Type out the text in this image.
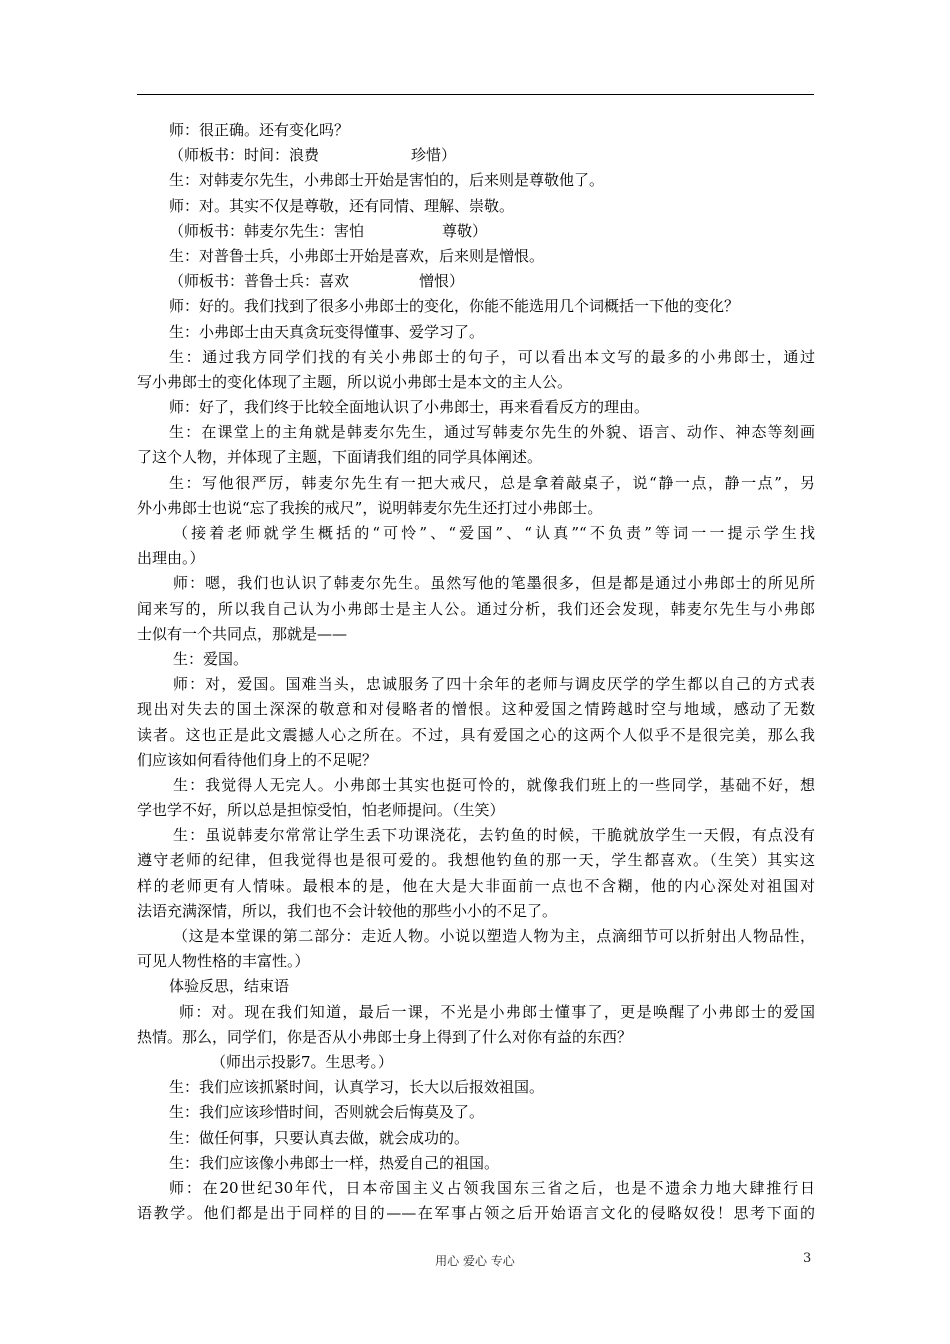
师：很正确。还有变化吗？
（师板书：时间：浪费	珍惜）
生：对韩麦尔先生，小弗郎士开始是害怕的，后来则是尊敬他了。
师：对。其实不仅是尊敬，还有同情、理解、崇敬。
（师板书：韩麦尔先生：害怕	尊敬）
生：对普鲁士兵，小弗郎士开始是喜欢，后来则是憎恨。
（师板书：普鲁士兵：喜欢	憎恨）
师：好的。我们找到了很多小弗郎士的变化，你能不能选用几个词概括一下他的变化？
生：小弗郎士由天真贪玩变得懂事、爱学习了。
生：通过我方同学们找的有关小弗郎士的句子，可以看出本文写的最多的小弗郎士，通过
写小弗郎士的变化体现了主题，所以说小弗郎士是本文的主人公。
师：好了，我们终于比较全面地认识了小弗郎士，再来看看反方的理由。
生：在课堂上的主角就是韩麦尔先生，通过写韩麦尔先生的外貌、语言、动作、神态等刻画
了这个人物，并体现了主题，下面请我们组的同学具体阐述。
生：写他很严厉，韩麦尔先生有一把大戒尺，总是拿着敲桌子，说“静一点，静一点”，另
外小弗郎士也说“忘了我挨的戒尺”，说明韩麦尔先生还打过小弗郎士。
（接着老师就学生概括的“可怜”、“爱国”、“认真”“不负责”等词一一提示学生找
出理由。）
师：嗯，我们也认识了韩麦尔先生。虽然写他的笔墨很多，但是都是通过小弗郎士的所见所
闻来写的，所以我自己认为小弗郎士是主人公。通过分析，我们还会发现，韩麦尔先生与小弗郎
士似有一个共同点，那就是——
生：爱国。
师：对，爱国。国难当头，忠诚服务了四十余年的老师与调皮厌学的学生都以自己的方式表
现出对失去的国土深深的敬意和对侵略者的憎恨。这种爱国之情跨越时空与地域，感动了无数
读者。这也正是此文震撼人心之所在。不过，具有爱国之心的这两个人似乎不是很完美，那么我
们应该如何看待他们身上的不足呢？
生：我觉得人无完人。小弗郎士其实也挺可怜的，就像我们班上的一些同学，基础不好，想
学也学不好，所以总是担惊受怕，怕老师提问。（生笑）
生：虽说韩麦尔常常让学生丢下功课浇花，去钓鱼的时候，干脆就放学生一天假，有点没有
遵守老师的纪律，但我觉得也是很可爱的。我想他钓鱼的那一天，学生都喜欢。（生笑）其实这
样的老师更有人情味。最根本的是，他在大是大非面前一点也不含糊，他的内心深处对祖国对
法语充满深情，所以，我们也不会计较他的那些小小的不足了。
（这是本堂课的第二部分：走近人物。小说以塑造人物为主，点滴细节可以折射出人物品性，
可见人物性格的丰富性。）
体验反思，结束语
师：对。现在我们知道，最后一课，不光是小弗郎士懂事了，更是唤醒了小弗郎士的爱国
热情。那么，同学们，你是否从小弗郎士身上得到了什么对你有益的东西？
（师出示投影7。生思考。）
生：我们应该抓紧时间，认真学习，长大以后报效祖国。
生：我们应该珍惜时间，否则就会后悔莫及了。
生：做任何事，只要认真去做，就会成功的。
生：我们应该像小弗郎士一样，热爱自己的祖国。
师：在20世纪30年代，日本帝国主义占领我国东三省之后，也是不遗余力地大肆推行日
语教学。他们都是出于同样的目的——在军事占领之后开始语言文化的侵略奴役！思考下面的
用心 爱心 专心	3
